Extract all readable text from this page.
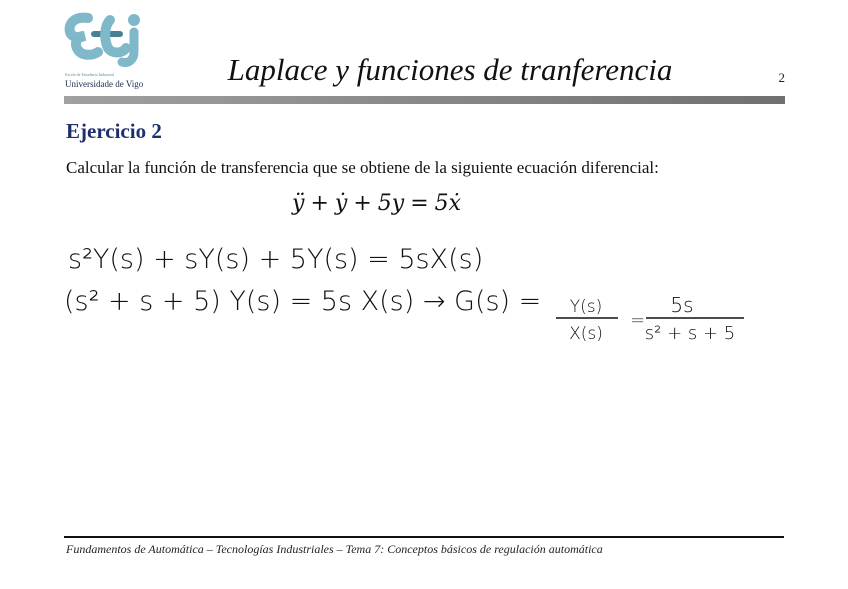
Escola de Enxeñaría Industrial
Universidade de Vigo	Laplace y funciones de tranferencia	2
Ejercicio 2
Calcular la función de transferencia que se obtiene de la siguiente ecuación diferencial:
ÿ + ẏ + 5y = 5ẋ
s²Y(s) + sY(s) + 5Y(s) = 5sX(s)
(s² + s + 5) Y(s) = 5s X(s) → G(s) = Y(s)
X(s)
=
5s
s² + s + 5
Fundamentos de Automática – Tecnologías Industriales – Tema 7: Conceptos básicos de regulación automática
